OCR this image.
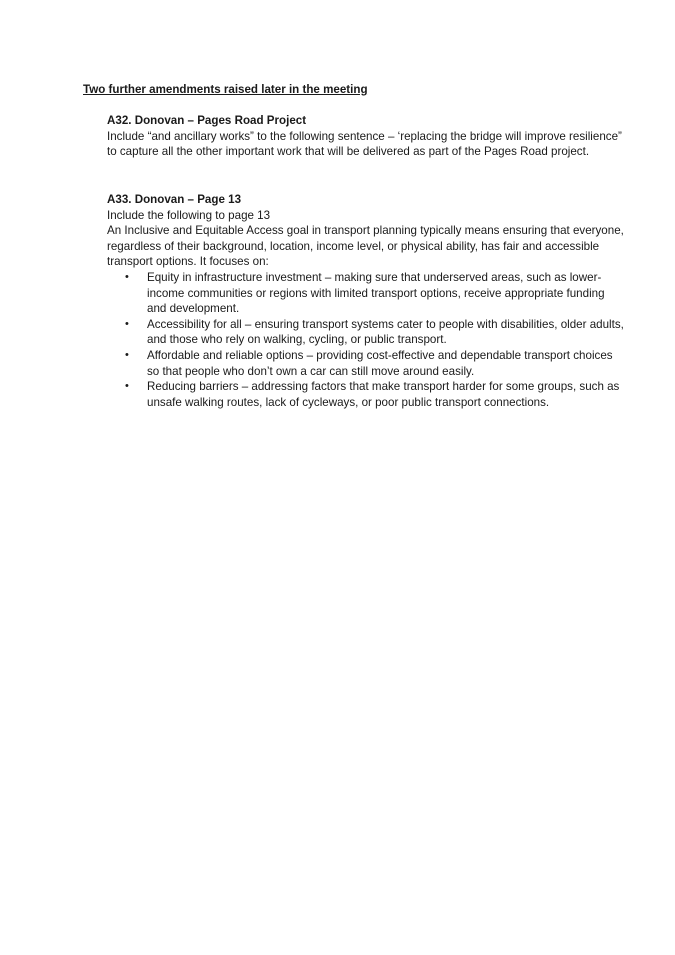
Two further amendments raised later in the meeting

A32. Donovan – Pages Road Project

Include “and ancillary works” to the following sentence – ‘replacing the bridge will improve resilience” to capture all the other important work that will be delivered as part of the Pages Road project.

A33. Donovan – Page 13

Include the following to page 13

An Inclusive and Equitable Access goal in transport planning typically means ensuring that everyone, regardless of their background, location, income level, or physical ability, has fair and accessible transport options. It focuses on:

• Equity in infrastructure investment – making sure that underserved areas, such as lower-income communities or regions with limited transport options, receive appropriate funding and development.
• Accessibility for all – ensuring transport systems cater to people with disabilities, older adults, and those who rely on walking, cycling, or public transport.
• Affordable and reliable options – providing cost-effective and dependable transport choices so that people who don’t own a car can still move around easily.
• Reducing barriers – addressing factors that make transport harder for some groups, such as unsafe walking routes, lack of cycleways, or poor public transport connections.
